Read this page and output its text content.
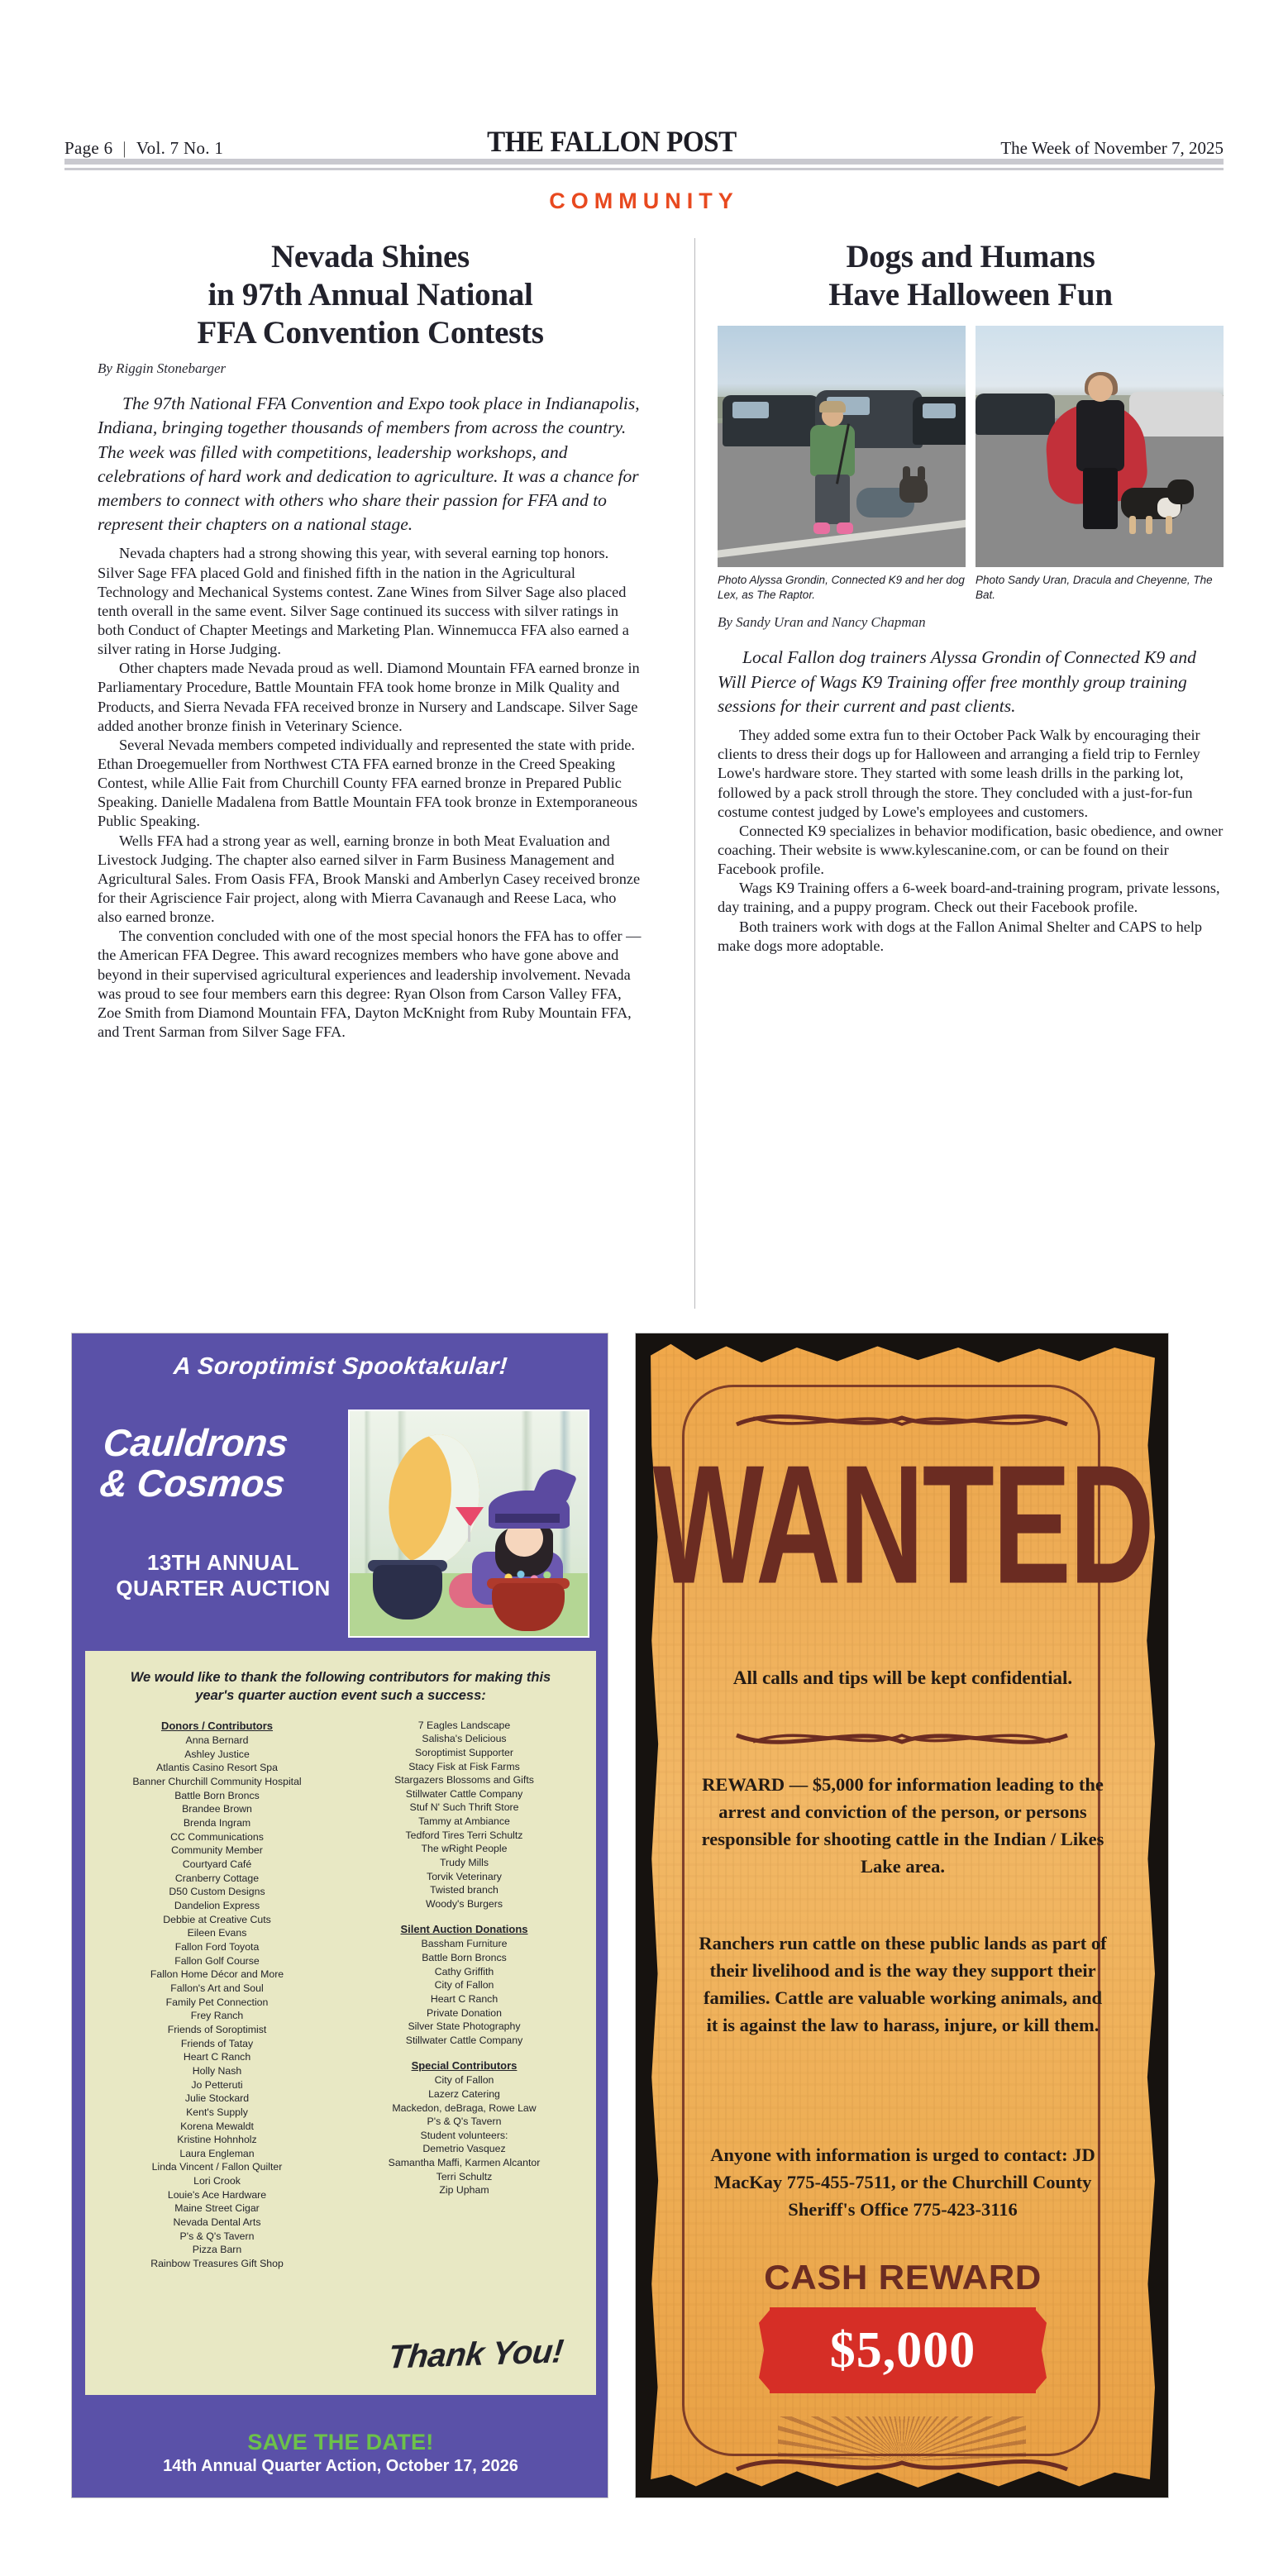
Page 6 | Vol. 7 No. 1	THE FALLON POST	The Week of November 7, 2025
COMMUNITY
Nevada Shines
in 97th Annual National
FFA Convention Contests
By Riggin Stonebarger

The 97th National FFA Convention and Expo took place in Indianapolis, Indiana, bringing together thousands of members from across the country. The week was filled with competitions, leadership workshops, and celebrations of hard work and dedication to agriculture. It was a chance for members to connect with others who share their passion for FFA and to represent their chapters on a national stage.

Nevada chapters had a strong showing this year, with several earning top honors. Silver Sage FFA placed Gold and finished fifth in the nation in the Agricultural Technology and Mechanical Systems contest. Zane Wines from Silver Sage also placed tenth overall in the same event. Silver Sage continued its success with silver ratings in both Conduct of Chapter Meetings and Marketing Plan. Winnemucca FFA also earned a silver rating in Horse Judging.

Other chapters made Nevada proud as well. Diamond Mountain FFA earned bronze in Parliamentary Procedure, Battle Mountain FFA took home bronze in Milk Quality and Products, and Sierra Nevada FFA received bronze in Nursery and Landscape. Silver Sage added another bronze finish in Veterinary Science.

Several Nevada members competed individually and represented the state with pride. Ethan Droegemueller from Northwest CTA FFA earned bronze in the Creed Speaking Contest, while Allie Fait from Churchill County FFA earned bronze in Prepared Public Speaking. Danielle Madalena from Battle Mountain FFA took bronze in Extemporaneous Public Speaking.

Wells FFA had a strong year as well, earning bronze in both Meat Evaluation and Livestock Judging. The chapter also earned silver in Farm Business Management and Agricultural Sales. From Oasis FFA, Brook Manski and Amberlyn Casey received bronze for their Agriscience Fair project, along with Mierra Cavanaugh and Reese Laca, who also earned bronze.

The convention concluded with one of the most special honors the FFA has to offer — the American FFA Degree. This award recognizes members who have gone above and beyond in their supervised agricultural experiences and leadership involvement. Nevada was proud to see four members earn this degree: Ryan Olson from Carson Valley FFA, Zoe Smith from Diamond Mountain FFA, Dayton McKnight from Ruby Mountain FFA, and Trent Sarman from Silver Sage FFA.

Dogs and Humans
Have Halloween Fun
Photo Alyssa Grondin, Connected K9 and her dog Lex, as The Raptor.
Photo Sandy Uran, Dracula and Cheyenne, The Bat.
By Sandy Uran and Nancy Chapman

Local Fallon dog trainers Alyssa Grondin of Connected K9 and Will Pierce of Wags K9 Training offer free monthly group training sessions for their current and past clients.

They added some extra fun to their October Pack Walk by encouraging their clients to dress their dogs up for Halloween and arranging a field trip to Fernley Lowe's hardware store. They started with some leash drills in the parking lot, followed by a pack stroll through the store. They concluded with a just-for-fun costume contest judged by Lowe's employees and customers.

Connected K9 specializes in behavior modification, basic obedience, and owner coaching. Their website is www.kylescanine.com, or can be found on their Facebook profile.

Wags K9 Training offers a 6-week board-and-training program, private lessons, day training, and a puppy program. Check out their Facebook profile.

Both trainers work with dogs at the Fallon Animal Shelter and CAPS to help make dogs more adoptable.

A Soroptimist Spooktakular!
Cauldrons
& Cosmos
13TH ANNUAL
QUARTER AUCTION
We would like to thank the following contributors for making this year's quarter auction event such a success:
Donors / Contributors
Anna Bernard
Ashley Justice
Atlantis Casino Resort Spa
Banner Churchill Community Hospital
Battle Born Broncs
Brandee Brown
Brenda Ingram
CC Communications
Community Member
Courtyard Café
Cranberry Cottage
D50 Custom Designs
Dandelion Express
Debbie at Creative Cuts
Eileen Evans
Fallon Ford Toyota
Fallon Golf Course
Fallon Home Décor and More
Fallon's Art and Soul
Family Pet Connection
Frey Ranch
Friends of Soroptimist
Friends of Tatay
Heart C Ranch
Holly Nash
Jo Petteruti
Julie Stockard
Kent's Supply
Korena Mewaldt
Kristine Hohnholz
Laura Engleman
Linda Vincent / Fallon Quilter
Lori Crook
Louie's Ace Hardware
Maine Street Cigar
Nevada Dental Arts
P's & Q's Tavern
Pizza Barn
Rainbow Treasures Gift Shop
7 Eagles Landscape
Salisha's Delicious
Soroptimist Supporter
Stacy Fisk at Fisk Farms
Stargazers Blossoms and Gifts
Stillwater Cattle Company
Stuf N' Such Thrift Store
Tammy at Ambiance
Tedford Tires Terri Schultz
The wRight People
Trudy Mills
Torvik Veterinary
Twisted branch
Woody's Burgers
Silent Auction Donations
Bassham Furniture
Battle Born Broncs
Cathy Griffith
City of Fallon
Heart C Ranch
Private Donation
Silver State Photography
Stillwater Cattle Company
Special Contributors
City of Fallon
Lazerz Catering
Mackedon, deBraga, Rowe Law
P's & Q's Tavern
Student volunteers:
Demetrio Vasquez
Samantha Maffi, Karmen Alcantor
Terri Schultz
Zip Upham
Thank You!
SAVE THE DATE!
14th Annual Quarter Action, October 17, 2026
WANTED
All calls and tips will be kept confidential.
REWARD — $5,000 for information leading to the arrest and conviction of the person, or persons responsible for shooting cattle in the Indian / Likes Lake area.
Ranchers run cattle on these public lands as part of their livelihood and is the way they support their families. Cattle are valuable working animals, and it is against the law to harass, injure, or kill them.
Anyone with information is urged to contact: JD MacKay 775-455-7511, or the Churchill County Sheriff's Office 775-423-3116
CASH REWARD
$5,000
